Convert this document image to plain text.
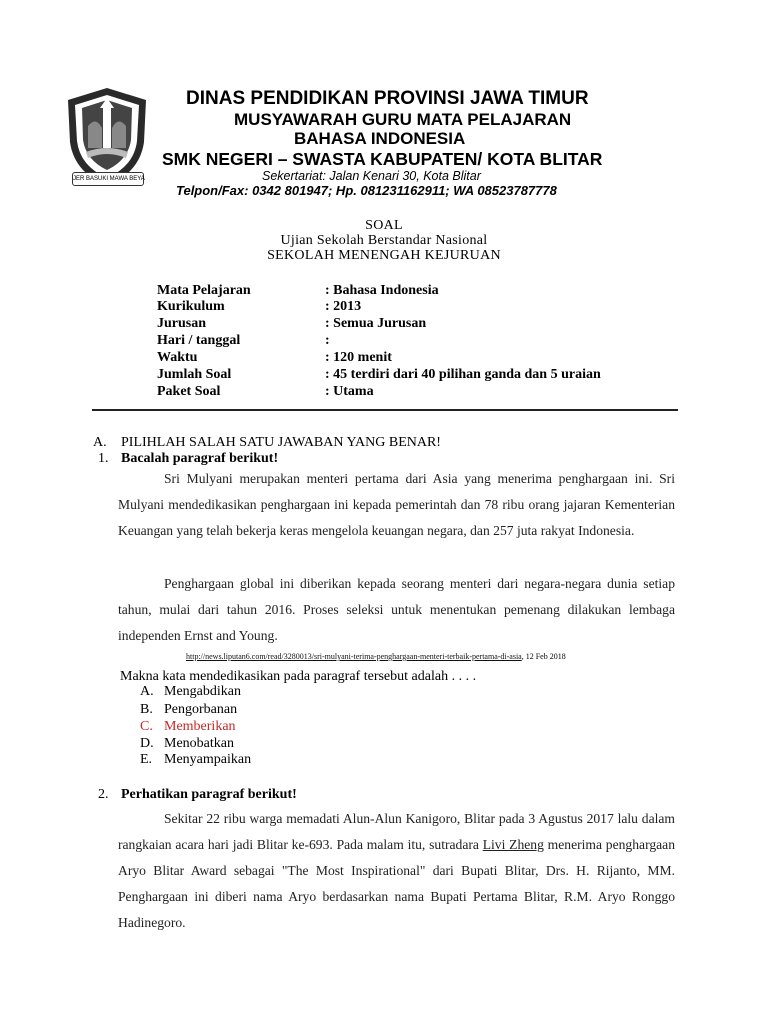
JER BASUKI MAWA BEYA
DINAS PENDIDIKAN PROVINSI JAWA TIMUR
MUSYAWARAH GURU MATA PELAJARAN
BAHASA INDONESIA
SMK NEGERI – SWASTA KABUPATEN/ KOTA BLITAR
Sekertariat: Jalan Kenari 30, Kota Blitar
Telpon/Fax: 0342 801947; Hp. 081231162911; WA 08523787778
SOAL
Ujian Sekolah Berstandar Nasional
SEKOLAH MENENGAH KEJURUAN
Mata Pelajaran	: Bahasa Indonesia
Kurikulum	: 2013
Jurusan	: Semua Jurusan
Hari / tanggal	:
Waktu	: 120 menit
Jumlah Soal	: 45 terdiri dari 40 pilihan ganda dan 5 uraian
Paket Soal	: Utama
A. PILIHLAH SALAH SATU JAWABAN YANG BENAR!
1. Bacalah paragraf berikut!
Sri Mulyani merupakan menteri pertama dari Asia yang menerima penghargaan ini. Sri Mulyani mendedikasikan penghargaan ini kepada pemerintah dan 78 ribu orang jajaran Kementerian Keuangan yang telah bekerja keras mengelola keuangan negara, dan 257 juta rakyat Indonesia.
Penghargaan global ini diberikan kepada seorang menteri dari negara-negara dunia setiap tahun, mulai dari tahun 2016. Proses seleksi untuk menentukan pemenang dilakukan lembaga independen Ernst and Young.
http://news.liputan6.com/read/3280013/sri-mulyani-terima-penghargaan-menteri-terbaik-pertama-di-asia, 12 Feb 2018
Makna kata mendedikasikan pada paragraf tersebut adalah . . . .
A. Mengabdikan
B. Pengorbanan
C. Memberikan
D. Menobatkan
E. Menyampaikan
2. Perhatikan paragraf berikut!
Sekitar 22 ribu warga memadati Alun-Alun Kanigoro, Blitar pada 3 Agustus 2017 lalu dalam rangkaian acara hari jadi Blitar ke-693. Pada malam itu, sutradara Livi Zheng menerima penghargaan Aryo Blitar Award sebagai "The Most Inspirational" dari Bupati Blitar, Drs. H. Rijanto, MM. Penghargaan ini diberi nama Aryo berdasarkan nama Bupati Pertama Blitar, R.M. Aryo Ronggo Hadinegoro.
